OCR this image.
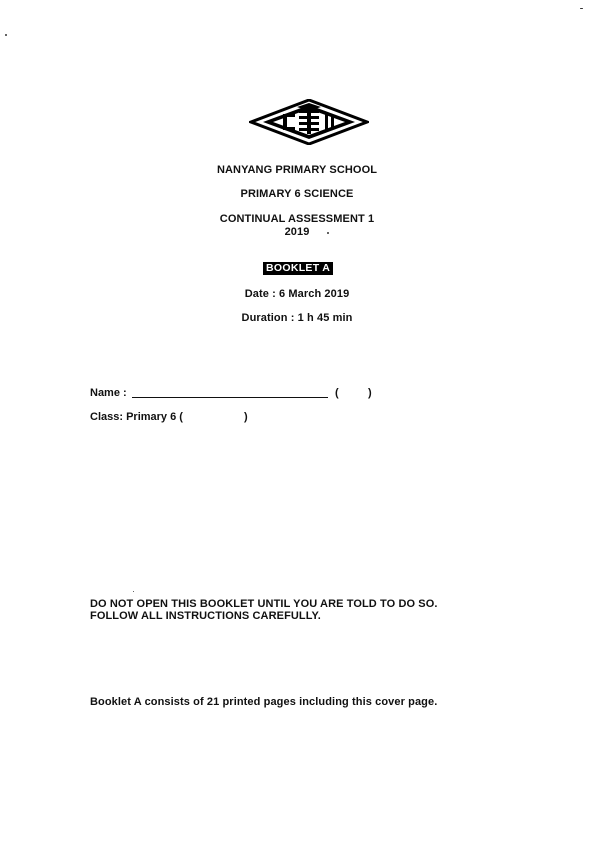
NANYANG PRIMARY SCHOOL
PRIMARY 6 SCIENCE
CONTINUAL ASSESSMENT 1
2019
BOOKLET A
Date : 6 March 2019
Duration : 1 h 45 min
Name :	(	)
Class: Primary 6 (	)
DO NOT OPEN THIS BOOKLET UNTIL YOU ARE TOLD TO DO SO.
FOLLOW ALL INSTRUCTIONS CAREFULLY.
Booklet A consists of 21 printed pages including this cover page.
